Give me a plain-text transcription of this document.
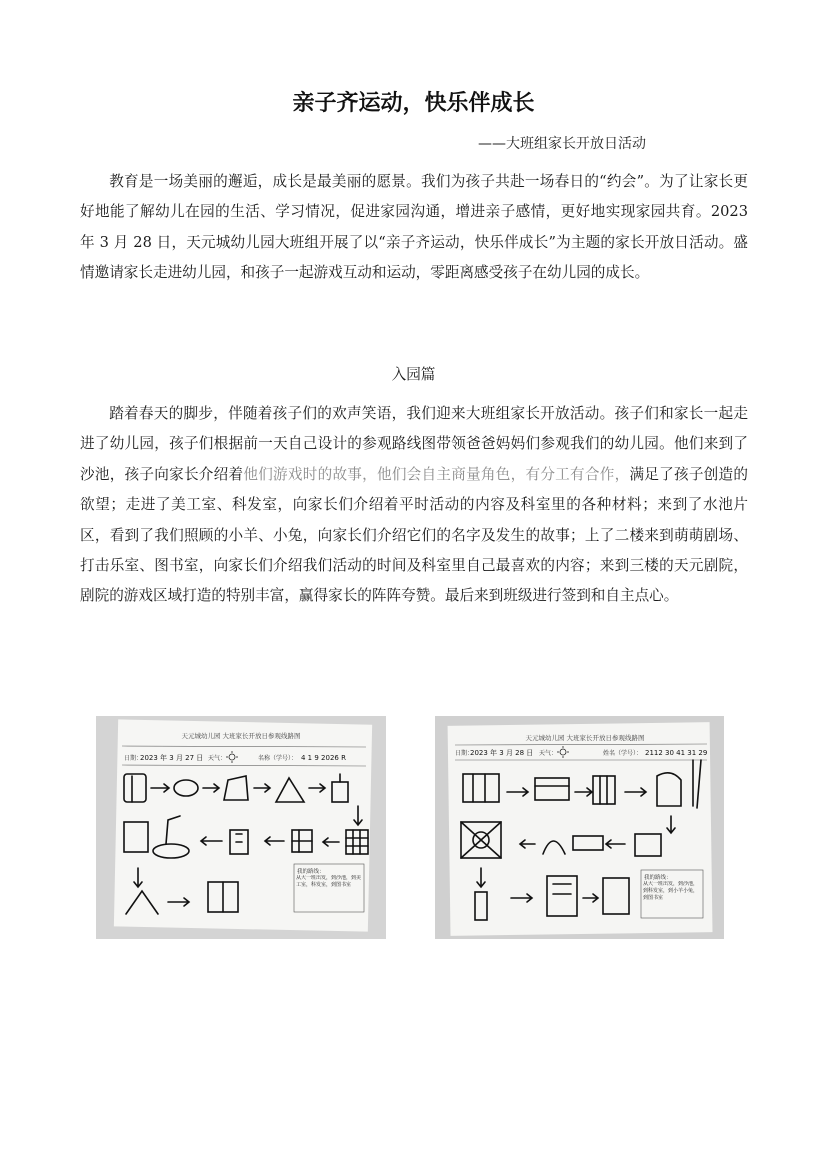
亲子齐运动，快乐伴成长
——大班组家长开放日活动

教育是一场美丽的邂逅，成长是最美丽的愿景。我们为孩子共赴一场春日的“约会”。为了让家长更好地能了解幼儿在园的生活、学习情况，促进家园沟通，增进亲子感情，更好地实现家园共育。2023 年 3 月 28 日，天元城幼儿园大班组开展了以“亲子齐运动，快乐伴成长”为主题的家长开放日活动。盛情邀请家长走进幼儿园，和孩子一起游戏互动和运动，零距离感受孩子在幼儿园的成长。

入园篇

踏着春天的脚步，伴随着孩子们的欢声笑语，我们迎来大班组家长开放活动。孩子们和家长一起走进了幼儿园，孩子们根据前一天自己设计的参观路线图带领爸爸妈妈们参观我们的幼儿园。他们来到了沙池，孩子向家长介绍着他们游戏时的故事，他们会自主商量角色，有分工有合作，满足了孩子创造的欲望；走进了美工室、科发室，向家长们介绍着平时活动的内容及科室里的各种材料；来到了水池片区，看到了我们照顾的小羊、小兔，向家长们介绍它们的名字及发生的故事；上了二楼来到萌萌剧场、打击乐室、图书室，向家长们介绍我们活动的时间及科室里自己最喜欢的内容；来到三楼的天元剧院，剧院的游戏区域打造的特别丰富，赢得家长的阵阵夸赞。最后来到班级进行签到和自主点心。

天元城幼儿园 大班家长开放日参观线路图
日期：
2023 年 3 月 27 日 天气：	名称（学号）： 4 1 9 2026 R
我的路线：
从大一班出发，到沙池，到美工室，科发室，到图书室
天元城幼儿园 大班家长开放日参观线路图
日期：
2023 年 3 月 28 日 天气：	姓名（学号）： 2112 30 41 31 29
我的路线：
从大一班出发，到沙池，到科发室，到小羊小兔，到图书室
